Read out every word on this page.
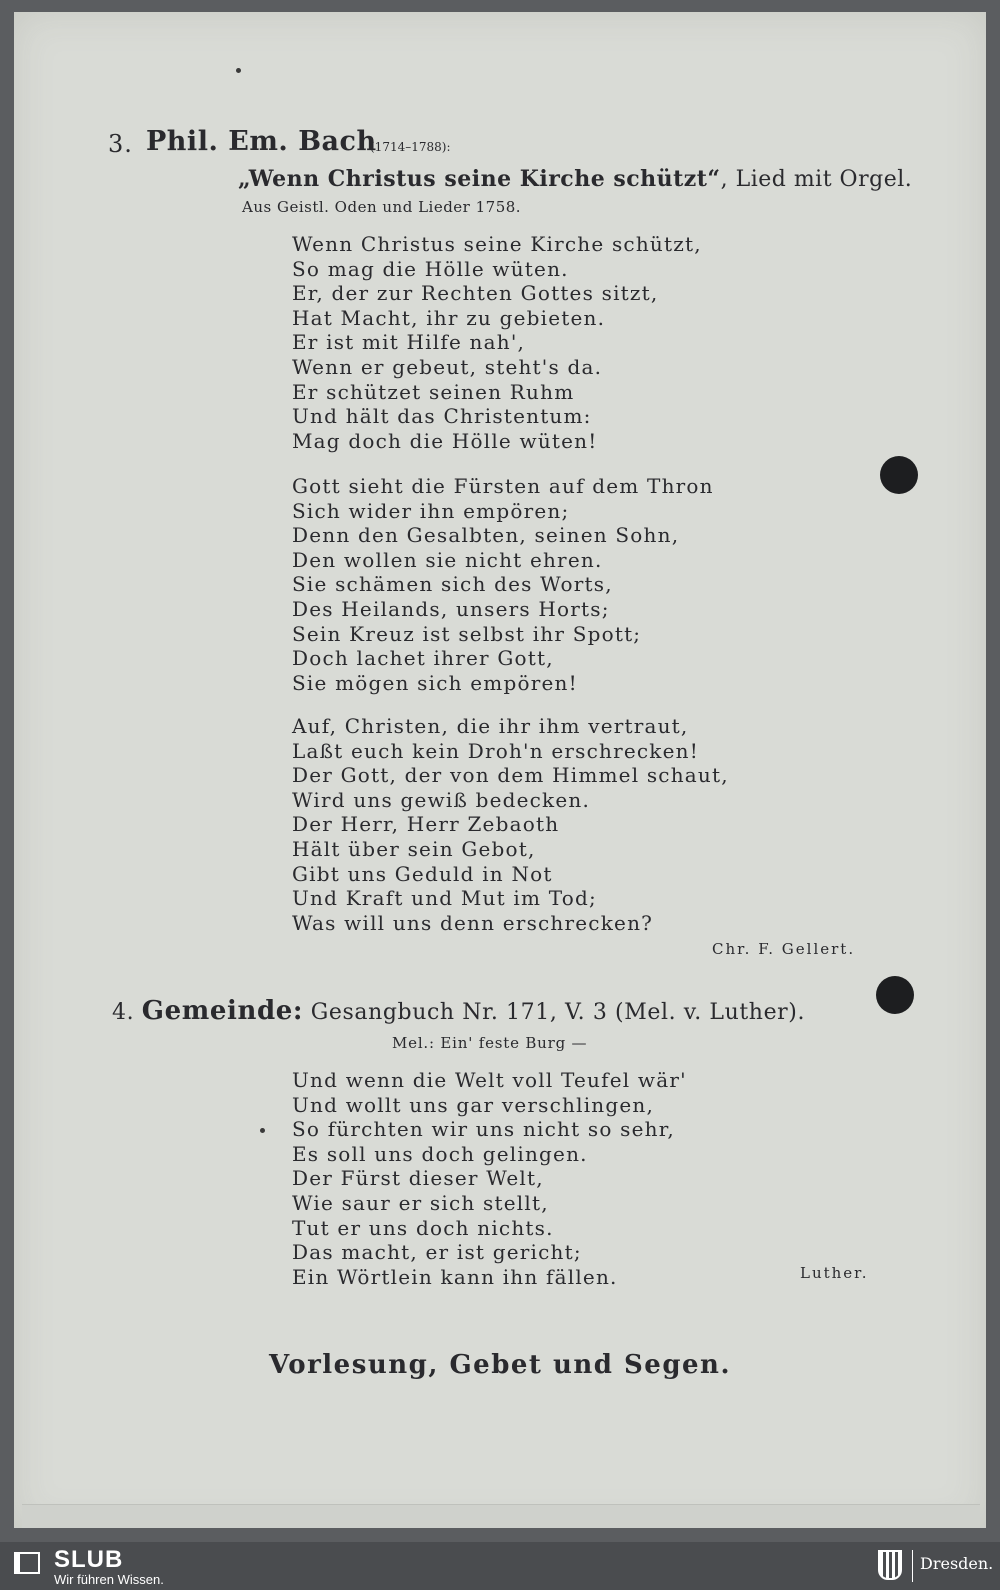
3. Phil. Em. Bach
(1714–1788):
„Wenn Christus seine Kirche schützt“, Lied mit Orgel.
Aus Geistl. Oden und Lieder 1758.
Wenn Christus seine Kirche schützt,
So mag die Hölle wüten.
Er, der zur Rechten Gottes sitzt,
Hat Macht, ihr zu gebieten.
Er ist mit Hilfe nah',
Wenn er gebeut, steht's da.
Er schützet seinen Ruhm
Und hält das Christentum:
Mag doch die Hölle wüten!
Gott sieht die Fürsten auf dem Thron
Sich wider ihn empören;
Denn den Gesalbten, seinen Sohn,
Den wollen sie nicht ehren.
Sie schämen sich des Worts,
Des Heilands, unsers Horts;
Sein Kreuz ist selbst ihr Spott;
Doch lachet ihrer Gott,
Sie mögen sich empören!
Auf, Christen, die ihr ihm vertraut,
Laßt euch kein Droh'n erschrecken!
Der Gott, der von dem Himmel schaut,
Wird uns gewiß bedecken.
Der Herr, Herr Zebaoth
Hält über sein Gebot,
Gibt uns Geduld in Not
Und Kraft und Mut im Tod;
Was will uns denn erschrecken?
Chr. F. Gellert.
4. Gemeinde: Gesangbuch Nr. 171, V. 3 (Mel. v. Luther).
Mel.: Ein' feste Burg —
Und wenn die Welt voll Teufel wär'
Und wollt uns gar verschlingen,
So fürchten wir uns nicht so sehr,
Es soll uns doch gelingen.
Der Fürst dieser Welt,
Wie saur er sich stellt,
Tut er uns doch nichts.
Das macht, er ist gericht;
Ein Wörtlein kann ihn fällen.	Luther.
Vorlesung, Gebet und Segen.
SLUB
Wir führen Wissen.
Dresden.
